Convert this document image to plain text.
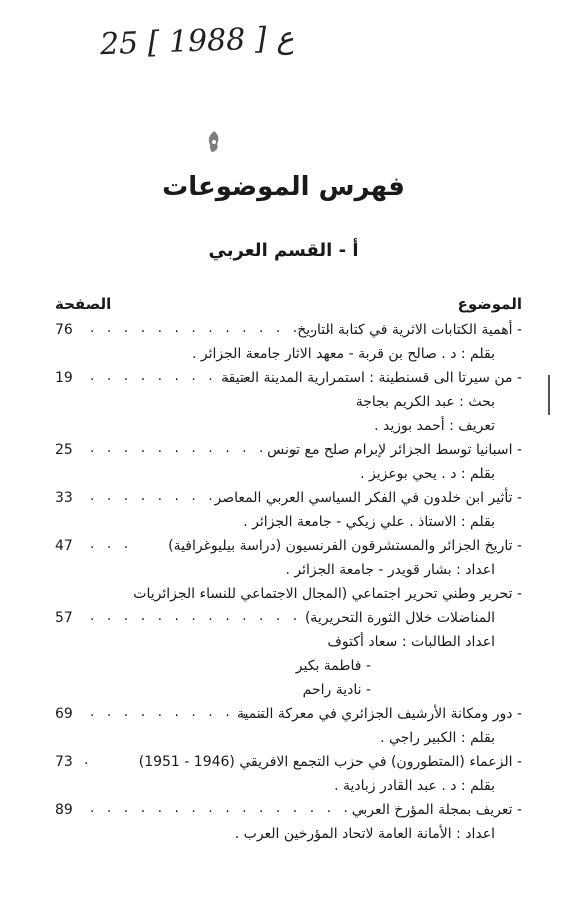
25 ع [ 1988 ]
فهرس الموضوعات
أ - القسم العربي
الموضوع
الصفحة
- أهمية الكتابات الاثرية في كتابة التاريخ
. . . . . . . . . . . . . . .
76
بقلم : د . صالح بن قربة - معهد الاثار جامعة الجزائر .
- من سيرتا الى قسنطينة : استمرارية المدينة العتيقة
. . . . . . . . . .
19
بحث : عبد الكريم بجاجة
تعريف : أحمد بوزيد .
- اسبانيا توسط الجزائر لإبرام صلح مع تونس
. . . . . . . . . . . . .
25
بقلم : د . يحي بوعزيز .
- تأثير ابن خلدون في الفكر السياسي العربي المعاصر
. . . . . . . .
33
بقلم : الاستاذ . علي زيكي - جامعة الجزائر .
- تاريخ الجزائر والمستشرقون الفرنسيون (دراسة بيليوغرافية)
. . .
47
اعداد : بشار قويدر - جامعة الجزائر .
- تحرير وطني تحرير اجتماعي (المجال الاجتماعي للنساء الجزائريات
المناضلات خلال الثورة التحريرية)
. . . . . . . . . . . . . .
57
اعداد الطالبات : سعاد أكتوف
- فاطمة بكير
- نادية راحم
- دور ومكانة الأرشيف الجزائري في معركة التنمية
. . . . . . . . . . .
69
بقلم : الكبير راجي .
- الزعماء (المتطورون) في حزب التجمع الافريقي (1946 - 1951)
.
73
بقلم : د . عبد القادر زبادية .
- تعريف بمجلة المؤرخ العربي
. . . . . . . . . . . . . . . . . .
89
اعداد : الأمانة العامة لاتحاد المؤرخين العرب .
